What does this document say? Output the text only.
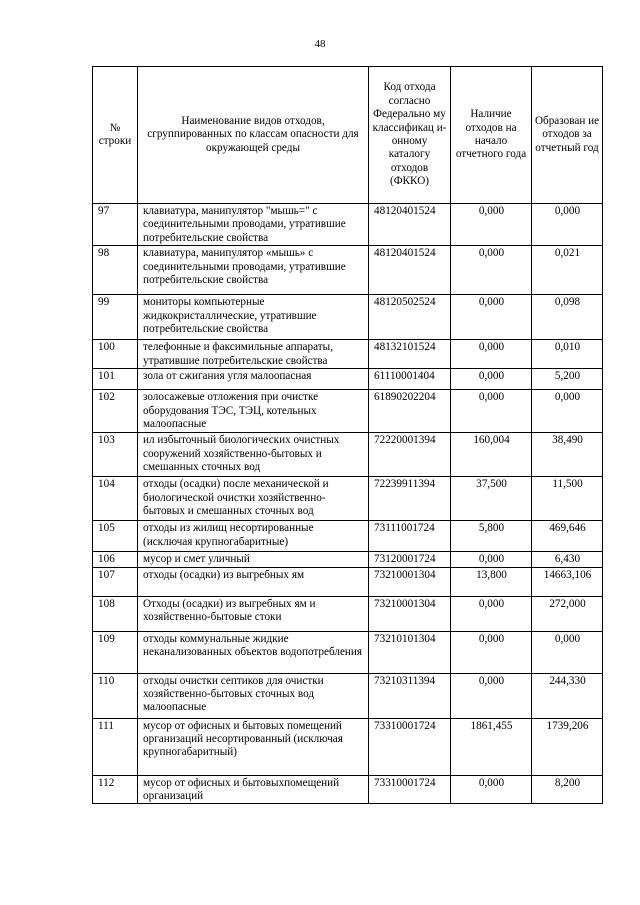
48
№ строки	Наименование видов отходов, сгруппированных по классам опасности для окружающей среды	Код отхода согласно Федерально му классификац и-онному каталогу отходов (ФККО)	Наличие отходов на начало отчетного года	Образован ие отходов за отчетный год
97	клавиатура, манипулятор "мышь=" с соединительными проводами, утратившие потребительские свойства	48120401524	0,000	0,000
98	клавиатура, манипулятор «мышь» с соединительными проводами, утратившие потребительские свойства	48120401524	0,000	0,021
99	мониторы компьютерные жидкокристаллические, утратившие потребительские свойства	48120502524	0,000	0,098
100	телефонные и факсимильные аппараты, утратившие потребительские свойства	48132101524	0,000	0,010
101	зола от сжигания угля малоопасная	61110001404	0,000	5,200
102	золосажевые отложения при очистке оборудования ТЭС, ТЭЦ, котельных малоопасные	61890202204	0,000	0,000
103	ил избыточный биологических очистных сооружений хозяйственно-бытовых и смешанных сточных вод	72220001394	160,004	38,490
104	отходы (осадки) после механической и биологической очистки хозяйственно-бытовых и смешанных сточных вод	72239911394	37,500	11,500
105	отходы из жилищ несортированные (исключая крупногабаритные)	73111001724	5,800	469,646
106	мусор и смет уличный	73120001724	0,000	6,430
107	отходы (осадки) из выгребных ям	73210001304	13,800	14663,106
108	Отходы (осадки) из выгребных ям и хозяйственно-бытовые стоки	73210001304	0,000	272,000
109	отходы коммунальные жидкие неканализованных объектов водопотребления	73210101304	0,000	0,000
110	отходы очистки септиков для очистки хозяйственно-бытовых сточных вод малоопасные	73210311394	0,000	244,330
111	мусор от офисных и бытовых помещений организаций несортированный (исключая крупногабаритный)	73310001724	1861,455	1739,206
112	мусор от офисных и бытовыхпомещений организаций	73310001724	0,000	8,200
